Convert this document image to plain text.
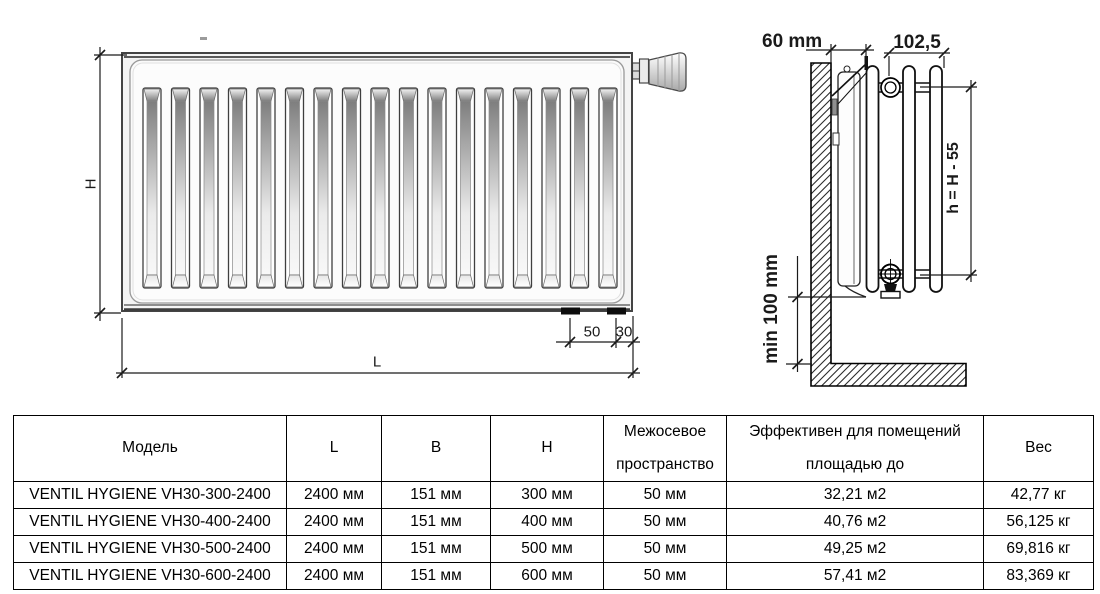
H
L
50 30
60 mm	102,5
h = H - 55
min 100 mm
Модель	L	B	H	Межосевое пространство	Эффективен для помещений площадью до	Вес
VENTIL HYGIENE VH30-300-2400	2400 мм	151 мм	300 мм	50 мм	32,21 м2	42,77 кг
VENTIL HYGIENE VH30-400-2400	2400 мм	151 мм	400 мм	50 мм	40,76 м2	56,125 кг
VENTIL HYGIENE VH30-500-2400	2400 мм	151 мм	500 мм	50 мм	49,25 м2	69,816 кг
VENTIL HYGIENE VH30-600-2400	2400 мм	151 мм	600 мм	50 мм	57,41 м2	83,369 кг
